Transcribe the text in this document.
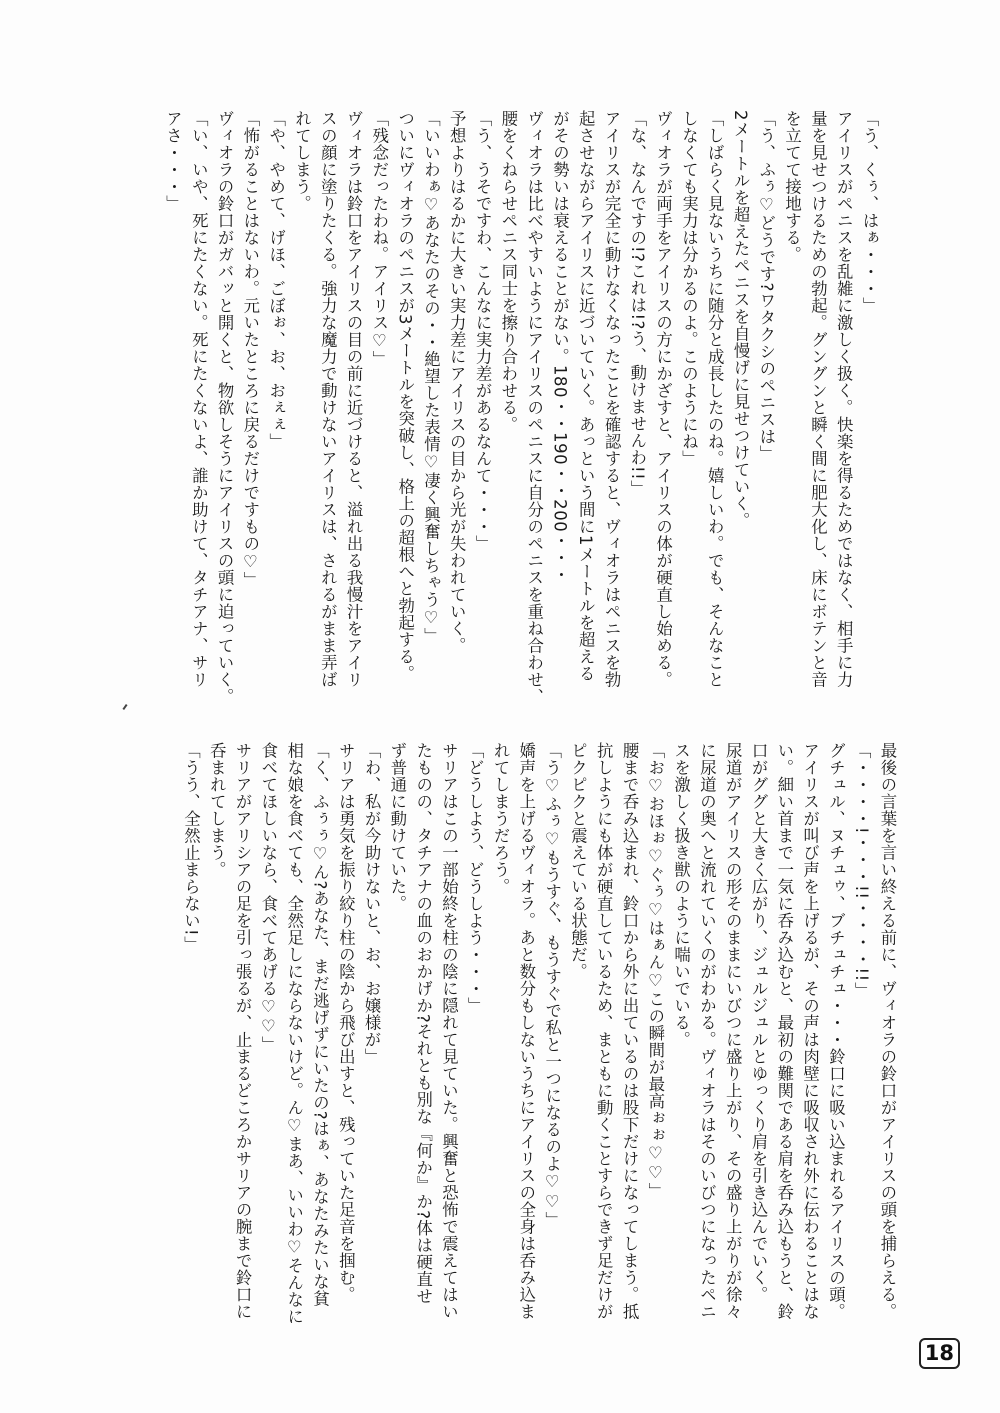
「う、くぅ、はぁ・・・」
アイリスがペニスを乱雑に激しく扱く。快楽を得るためではなく、相手に力
量を見せつけるための勃起。グングンと瞬く間に肥大化し、床にボテンと音
を立てて接地する。
「う、ふぅ♡どうです?ワタクシのペニスは」
2メートルを超えたペニスを自慢げに見せつけていく。
「しばらく見ないうちに随分と成長したのね。嬉しいわ。でも、そんなこと
しなくても実力は分かるのよ。このようにね」
ヴィオラが両手をアイリスの方にかざすと、アイリスの体が硬直し始める。
「な、なんですの!?これは!?う、動けませんわ!!」
アイリスが完全に動けなくなったことを確認すると、ヴィオラはペニスを勃
起させながらアイリスに近づいていく。あっという間に1メートルを超える
がその勢いは衰えることがない。180・・190・・200・・・
ヴィオラは比べやすいようにアイリスのペニスに自分のペニスを重ね合わせ、
腰をくねらせペニス同士を擦り合わせる。
「う、うそですわ、こんなに実力差があるなんて・・・」
予想よりはるかに大きい実力差にアイリスの目から光が失われていく。
「いいわぁ♡あなたのその・・絶望した表情♡凄く興奮しちゃう♡」
ついにヴィオラのペニスが3メートルを突破し、格上の超根へと勃起する。
「残念だったわね。アイリス♡」
ヴィオラは鈴口をアイリスの目の前に近づけると、溢れ出る我慢汁をアイリ
スの顔に塗りたくる。強力な魔力で動けないアイリスは、されるがまま弄ば
れてしまう。
「や、やめて、げほ、ごぼぉ、お、おぇぇ」
「怖がることはないわ。元いたところに戻るだけですもの♡」
ヴィオラの鈴口がガバッと開くと、物欲しそうにアイリスの頭に迫っていく。
「い、いや、死にたくない。死にたくないよ、誰か助けて、タチアナ、サリ
アさ・・・」
最後の言葉を言い終える前に、ヴィオラの鈴口がアイリスの頭を捕らえる。
「・・・・!・・・!!・・・・!!」
グチュル、ヌチュゥ、ブチュチュ・・・鈴口に吸い込まれるアイリスの頭。
アイリスが叫び声を上げるが、その声は肉壁に吸収され外に伝わることはな
い。細い首まで一気に呑み込むと、最初の難関である肩を呑み込もうと、鈴
口がググと大きく広がり、ジュルジュルとゆっくり肩を引き込んでいく。
尿道がアイリスの形そのままにいびつに盛り上がり、その盛り上がりが徐々
に尿道の奥へと流れていくのがわかる。ヴィオラはそのいびつになったペニ
スを激しく扱き獣のように喘いでいる。
「お♡おほぉ♡ぐぅ♡はぁん♡この瞬間が最高ぉぉ♡♡」
腰まで呑み込まれ、鈴口から外に出ているのは股下だけになってしまう。抵
抗しようにも体が硬直しているため、まともに動くことすらできず足だけが
ピクピクと震えている状態だ。
「う♡ふぅ♡もうすぐ、もうすぐで私と一つになるのよ♡♡」
嬌声を上げるヴィオラ。あと数分もしないうちにアイリスの全身は呑み込ま
れてしまうだろう。
「どうしよう、どうしよう・・・」
サリアはこの一部始終を柱の陰に隠れて見ていた。興奮と恐怖で震えてはい
たものの、タチアナの血のおかげか?それとも別な『何か』か?体は硬直せ
ず普通に動けていた。
「わ、私が今助けないと、お、お嬢様が」
サリアは勇気を振り絞り柱の陰から飛び出すと、残っていた足音を掴む。
「く、ふぅぅ♡ん?あなた、まだ逃げずにいたの?はぁ、あなたみたいな貧
相な娘を食べても、全然足しにならないけど。ん♡まあ、いいわ♡そんなに
食べてほしいなら、食べてあげる♡♡」
サリアがアリシアの足を引っ張るが、止まるどころかサリアの腕まで鈴口に
呑まれてしまう。
「うう、全然止まらない!」
18
